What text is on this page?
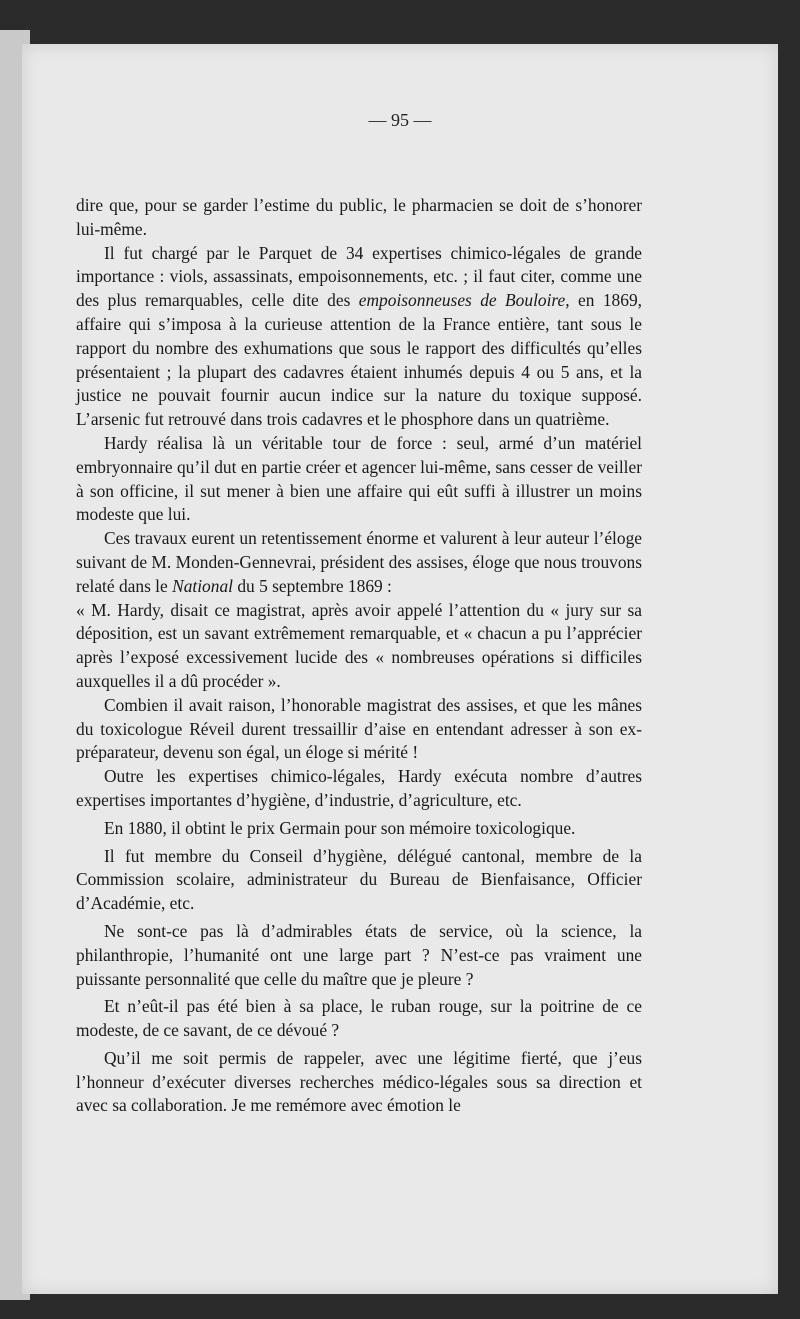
— 95 —

dire que, pour se garder l’estime du public, le pharmacien se doit de s’honorer lui-même.

Il fut chargé par le Parquet de 34 expertises chimico-légales de grande importance : viols, assassinats, empoisonnements, etc. ; il faut citer, comme une des plus remarquables, celle dite des empoisonneuses de Bouloire, en 1869, affaire qui s’imposa à la curieuse attention de la France entière, tant sous le rapport du nombre des exhumations que sous le rapport des difficultés qu’elles présentaient ; la plupart des cadavres étaient inhumés depuis 4 ou 5 ans, et la justice ne pouvait fournir aucun indice sur la nature du toxique supposé. L’arsenic fut retrouvé dans trois cadavres et le phosphore dans un quatrième.

Hardy réalisa là un véritable tour de force : seul, armé d’un matériel embryonnaire qu’il dut en partie créer et agencer lui-même, sans cesser de veiller à son officine, il sut mener à bien une affaire qui eût suffi à illustrer un moins modeste que lui.

Ces travaux eurent un retentissement énorme et valurent à leur auteur l’éloge suivant de M. Monden-Gennevrai, président des assises, éloge que nous trouvons relaté dans le National du 5 septembre 1869 :

« M. Hardy, disait ce magistrat, après avoir appelé l’attention du « jury sur sa déposition, est un savant extrêmement remarquable, et « chacun a pu l’apprécier après l’exposé excessivement lucide des « nombreuses opérations si difficiles auxquelles il a dû procéder ».

Combien il avait raison, l’honorable magistrat des assises, et que les mânes du toxicologue Réveil durent tressaillir d’aise en entendant adresser à son ex-préparateur, devenu son égal, un éloge si mérité !

Outre les expertises chimico-légales, Hardy exécuta nombre d’autres expertises importantes d’hygiène, d’industrie, d’agriculture, etc.

En 1880, il obtint le prix Germain pour son mémoire toxicologique.

Il fut membre du Conseil d’hygiène, délégué cantonal, membre de la Commission scolaire, administrateur du Bureau de Bienfaisance, Officier d’Académie, etc.

Ne sont-ce pas là d’admirables états de service, où la science, la philanthropie, l’humanité ont une large part ? N’est-ce pas vraiment une puissante personnalité que celle du maître que je pleure ?

Et n’eût-il pas été bien à sa place, le ruban rouge, sur la poitrine de ce modeste, de ce savant, de ce dévoué ?

Qu’il me soit permis de rappeler, avec une légitime fierté, que j’eus l’honneur d’exécuter diverses recherches médico-légales sous sa direction et avec sa collaboration. Je me remémore avec émotion le
